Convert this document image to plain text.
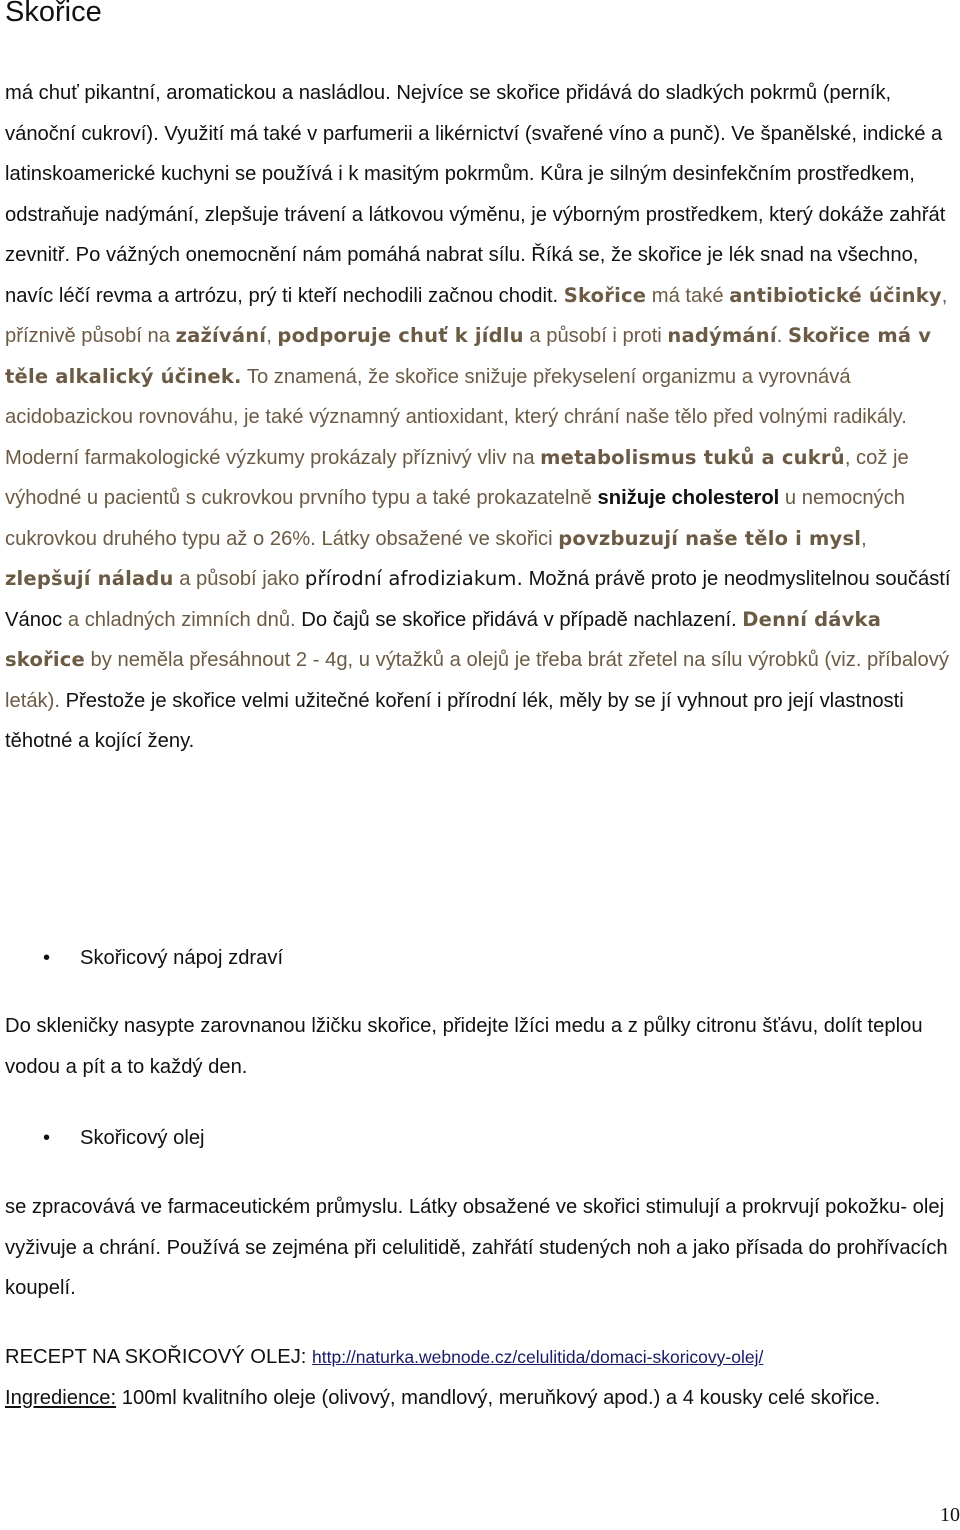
Skořice
má chuť pikantní, aromatickou a nasládlou. Nejvíce se skořice přidává do sladkých pokrmů (perník, vánoční cukroví). Využití má také v parfumerii a likérnictví (svařené víno a punč). Ve španělské, indické a latinskoamerické kuchyni se používá i k masitým pokrmům. Kůra je silným desinfekčním prostředkem, odstraňuje nadýmání, zlepšuje trávení a látkovou výměnu, je výborným prostředkem, který dokáže zahřát zevnitř. Po vážných onemocnění nám pomáhá nabrat sílu. Říká se, že skořice je lék snad na všechno, navíc léčí revma a artrózu, prý ti kteří nechodili začnou chodit. Skořice má také antibiotické účinky, příznivě působí na zažívání, podporuje chuť k jídlu a působí i proti nadýmání. Skořice má v těle alkalický účinek. To znamená, že skořice snižuje překyselení organizmu a vyrovnává acidobazickou rovnováhu, je také významný antioxidant, který chrání naše tělo před volnými radikály. Moderní farmakologické výzkumy prokázaly příznivý vliv na metabolismus tuků a cukrů, což je výhodné u pacientů s cukrovkou prvního typu a také prokazatelně snižuje cholesterol u nemocných cukrovkou druhého typu až o 26%. Látky obsažené ve skořici povzbuzují naše tělo i mysl, zlepšují náladu a působí jako přírodní afrodiziakum. Možná právě proto je neodmyslitelnou součástí Vánoc a chladných zimních dnů. Do čajů se skořice přidává v případě nachlazení. Denní dávka skořice by neměla přesáhnout 2 - 4g, u výtažků a olejů je třeba brát zřetel na sílu výrobků (viz. příbalový leták). Přestože je skořice velmi užitečné koření i přírodní lék, měly by se jí vyhnout pro její vlastnosti těhotné a kojící ženy.
•	Skořicový nápoj zdraví
Do skleničky nasypte zarovnanou lžičku skořice, přidejte lžíci medu a z půlky citronu šťávu, dolít teplou vodou a pít a to každý den.
•	Skořicový olej
se zpracovává ve farmaceutickém průmyslu. Látky obsažené ve skořici stimulují a prokrvují pokožku- olej vyživuje a chrání. Používá se zejména při celulitidě, zahřátí studených noh a jako přísada do prohřívacích koupelí.
RECEPT NA SKOŘICOVÝ OLEJ: http://naturka.webnode.cz/celulitida/domaci-skoricovy-olej/
Ingredience: 100ml kvalitního oleje (olivový, mandlový, meruňkový apod.) a 4 kousky celé skořice.
10
